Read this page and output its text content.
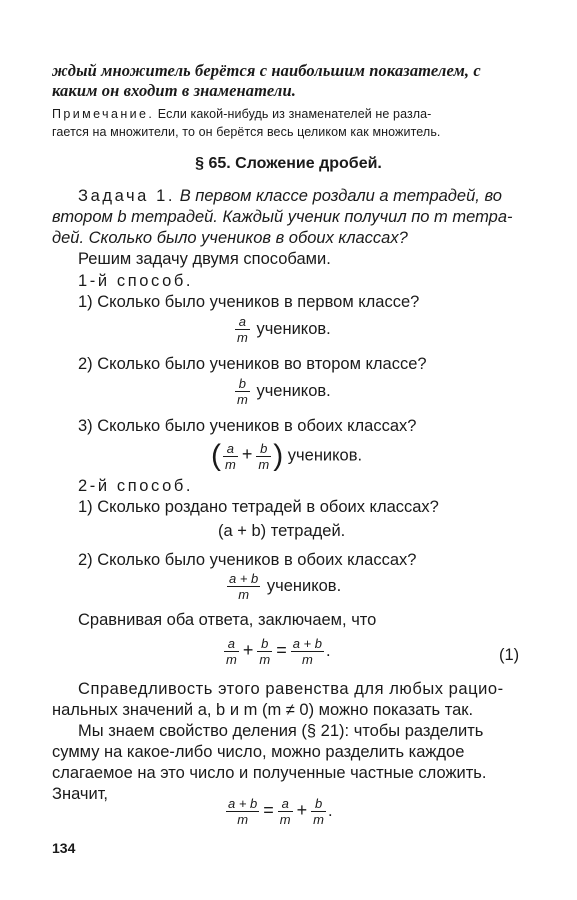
ждый множитель берётся с наибольшим показателем, с
каким он входит в знаменатели.
Примечание. Если какой-нибудь из знаменателей не разла-
гается на множители, то он берётся весь целиком как множитель.
§ 65. Сложение дробей.
Задача 1. В первом классе роздали a тетрадей, во
втором b тетрадей. Каждый ученик получил по m тетра-
дей. Сколько было учеников в обоих классах?
Решим задачу двумя способами.
1-й способ.
1) Сколько было учеников в первом классе?
$\frac{a}{m}$ учеников.
2) Сколько было учеников во втором классе?
$\frac{b}{m}$ учеников.
3) Сколько было учеников в обоих классах?
( $\frac{a}{m} + \frac{b}{m}$ ) учеников.
2-й способ.
1) Сколько роздано тетрадей в обоих классах?
(a + b) тетрадей.
2) Сколько было учеников в обоих классах?
$\frac{a + b}{m}$ учеников.
Сравнивая оба ответа, заключаем, что
$\frac{a}{m} + \frac{b}{m} = \frac{a + b}{m}$ .	(1)
Справедливость этого равенства для любых рацио-
нальных значений a, b и m (m ≠ 0) можно показать так.
Мы знаем свойство деления (§ 21): чтобы разделить
сумму на какое-либо число, можно разделить каждое
слагаемое на это число и полученные частные сложить.
Значит,
$\frac{a + b}{m} = \frac{a}{m} + \frac{b}{m}$ .
134
